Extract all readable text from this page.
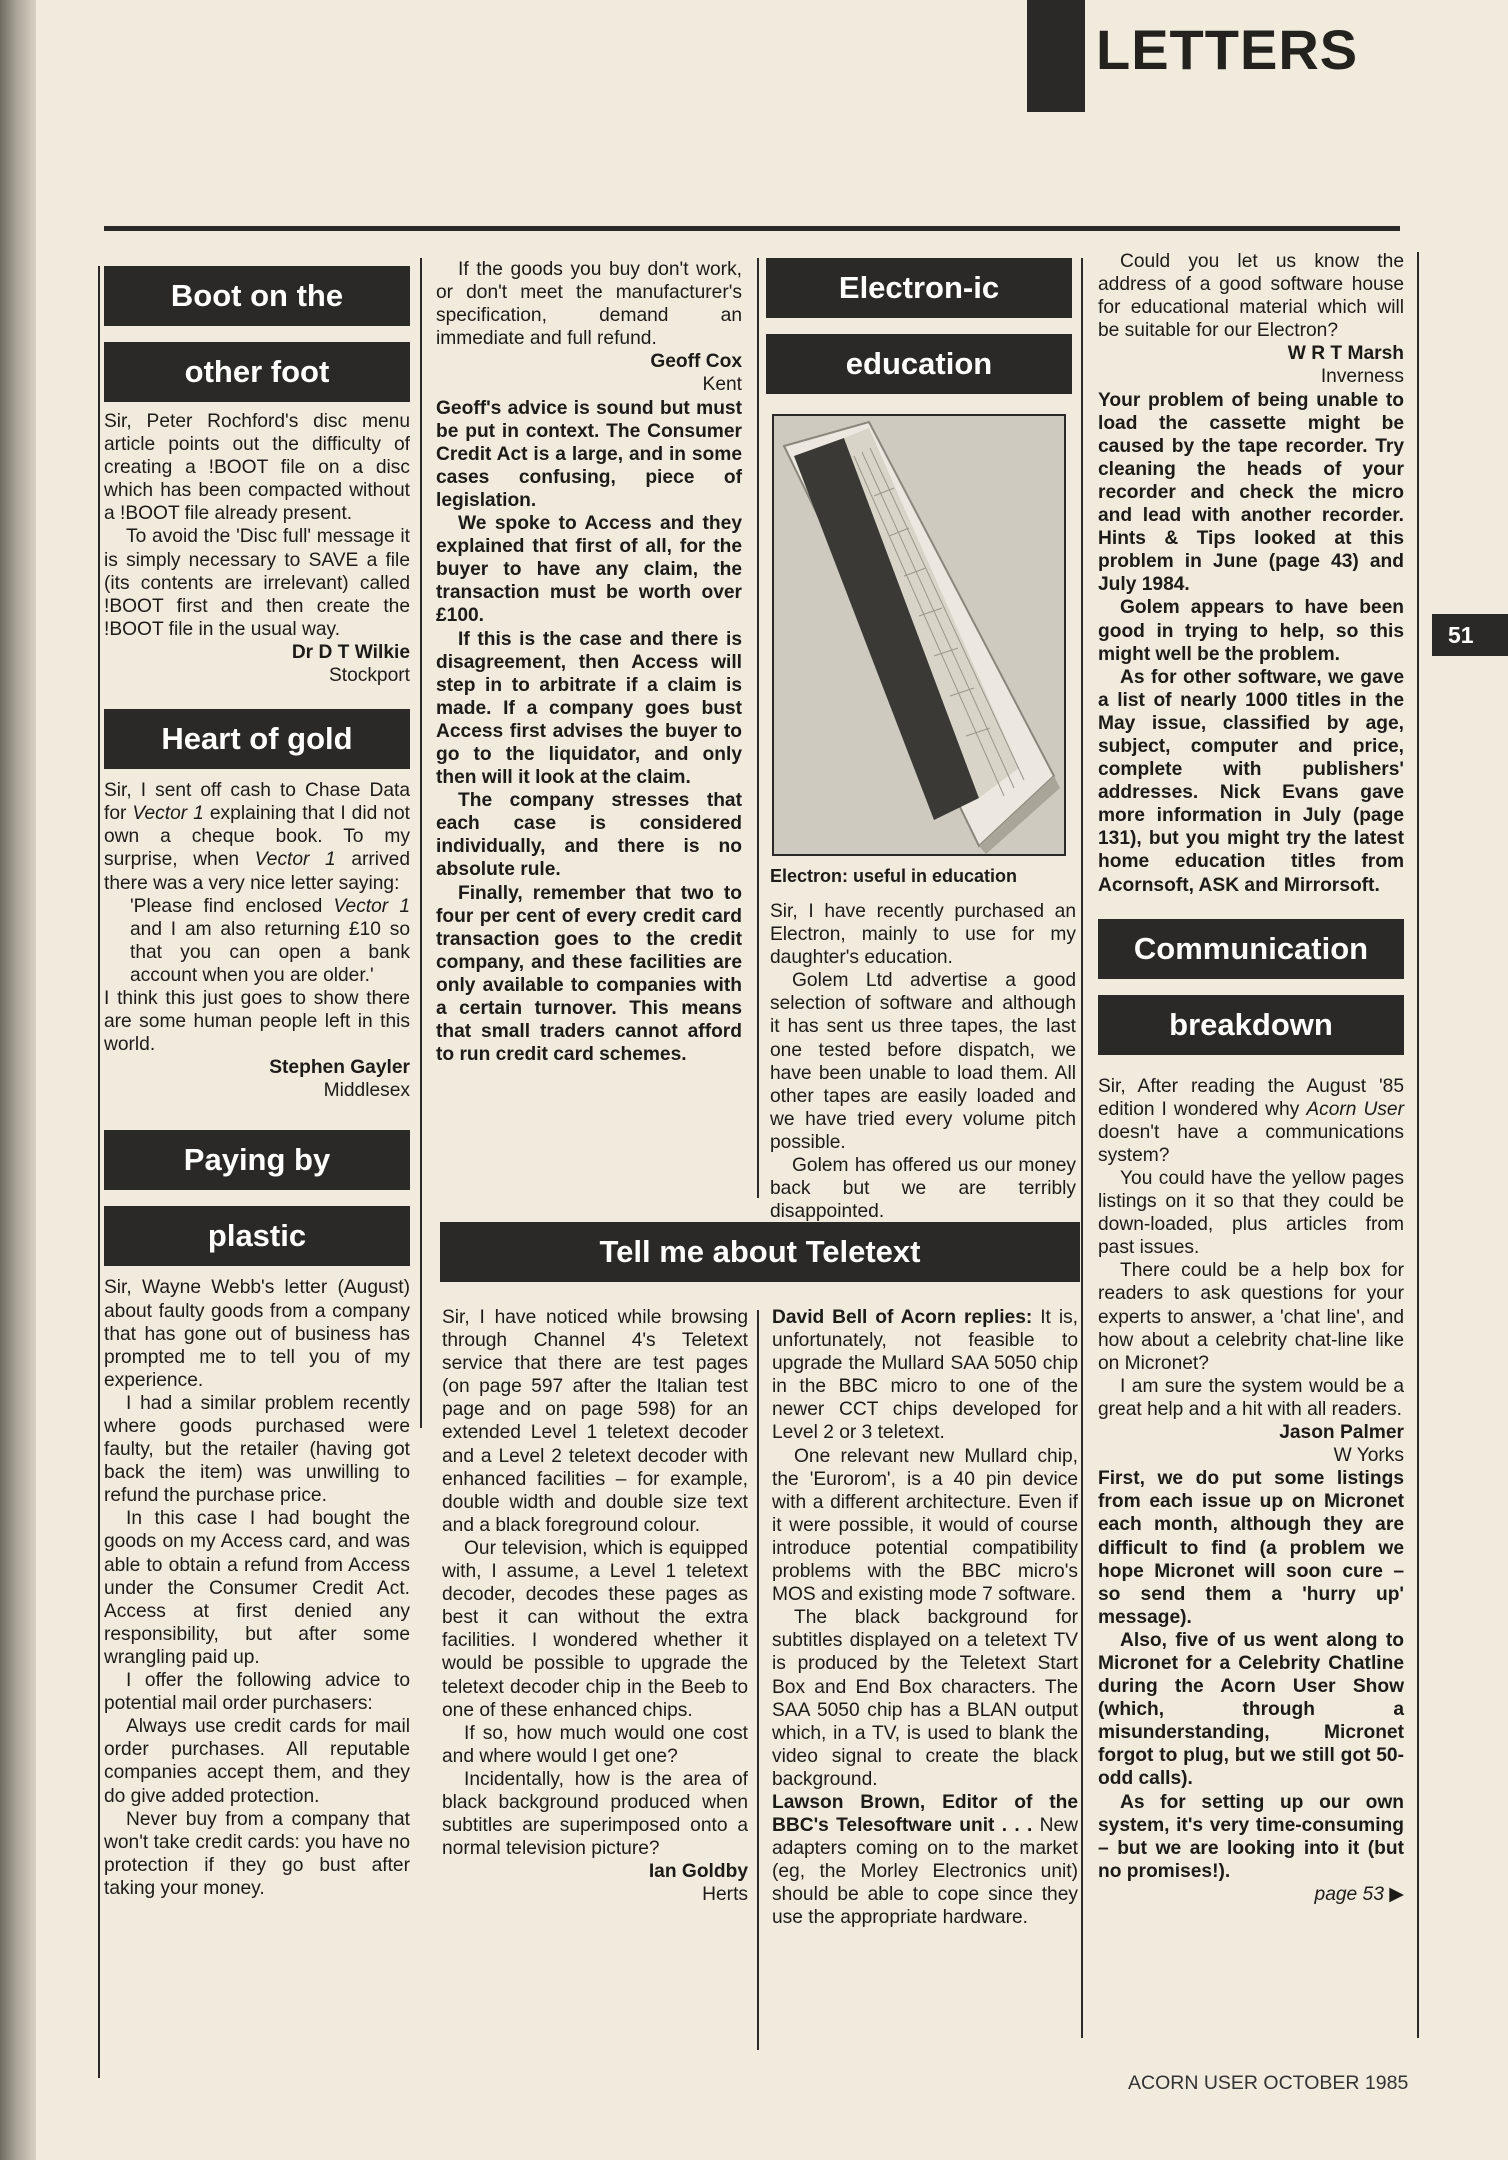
LETTERS
51
Boot on the
other foot

Sir, Peter Rochford's disc menu article points out the difficulty of creating a !BOOT file on a disc which has been compacted without a !BOOT file already present.

To avoid the 'Disc full' message it is simply necessary to SAVE a file (its contents are irrelevant) called !BOOT first and then create the !BOOT file in the usual way.

Dr D T Wilkie

Stockport

Heart of gold

Sir, I sent off cash to Chase Data for Vector 1 explaining that I did not own a cheque book. To my surprise, when Vector 1 arrived there was a very nice letter saying:

'Please find enclosed Vector 1 and I am also returning £10 so that you can open a bank account when you are older.'

I think this just goes to show there are some human people left in this world.

Stephen Gayler

Middlesex

Paying by
plastic

Sir, Wayne Webb's letter (August) about faulty goods from a company that has gone out of business has prompted me to tell you of my experience.

I had a similar problem recently where goods purchased were faulty, but the retailer (having got back the item) was unwilling to refund the purchase price.

In this case I had bought the goods on my Access card, and was able to obtain a refund from Access under the Consumer Credit Act. Access at first denied any responsibility, but after some wrangling paid up.

I offer the following advice to potential mail order purchasers:

Always use credit cards for mail order purchases. All reputable companies accept them, and they do give added protection.

Never buy from a company that won't take credit cards: you have no protection if they go bust after taking your money.

If the goods you buy don't work, or don't meet the manufacturer's specification, demand an immediate and full refund.

Geoff Cox

Kent

Geoff's advice is sound but must be put in context. The Consumer Credit Act is a large, and in some cases confusing, piece of legislation.

We spoke to Access and they explained that first of all, for the buyer to have any claim, the transaction must be worth over £100.

If this is the case and there is disagreement, then Access will step in to arbitrate if a claim is made. If a company goes bust Access first advises the buyer to go to the liquidator, and only then will it look at the claim.

The company stresses that each case is considered individually, and there is no absolute rule.

Finally, remember that two to four per cent of every credit card transaction goes to the credit company, and these facilities are only available to companies with a certain turnover. This means that small traders cannot afford to run credit card schemes.

Electron-ic
education
Electron: useful in education

Sir, I have recently purchased an Electron, mainly to use for my daughter's education.

Golem Ltd advertise a good selection of software and although it has sent us three tapes, the last one tested before dispatch, we have been unable to load them. All other tapes are easily loaded and we have tried every volume pitch possible.

Golem has offered us our money back but we are terribly disappointed.

Could you let us know the address of a good software house for educational material which will be suitable for our Electron?

W R T Marsh

Inverness

Your problem of being unable to load the cassette might be caused by the tape recorder. Try cleaning the heads of your recorder and check the micro and lead with another recorder. Hints & Tips looked at this problem in June (page 43) and July 1984.

Golem appears to have been good in trying to help, so this might well be the problem.

As for other software, we gave a list of nearly 1000 titles in the May issue, classified by age, subject, computer and price, complete with publishers' addresses. Nick Evans gave more information in July (page 131), but you might try the latest home education titles from Acornsoft, ASK and Mirrorsoft.

Communication
breakdown

Sir, After reading the August '85 edition I wondered why Acorn User doesn't have a communications system?

You could have the yellow pages listings on it so that they could be down-loaded, plus articles from past issues.

There could be a help box for readers to ask questions for your experts to answer, a 'chat line', and how about a celebrity chat-line like on Micronet?

I am sure the system would be a great help and a hit with all readers.

Jason Palmer

W Yorks

First, we do put some listings from each issue up on Micronet each month, although they are difficult to find (a problem we hope Micronet will soon cure – so send them a 'hurry up' message).

Also, five of us went along to Micronet for a Celebrity Chatline during the Acorn User Show (which, through a misunderstanding, Micronet forgot to plug, but we still got 50-odd calls).

As for setting up our own system, it's very time-consuming – but we are looking into it (but no promises!).

page 53 ▶

Tell me about Teletext

Sir, I have noticed while browsing through Channel 4's Teletext service that there are test pages (on page 597 after the Italian test page and on page 598) for an extended Level 1 teletext decoder and a Level 2 teletext decoder with enhanced facilities – for example, double width and double size text and a black foreground colour.

Our television, which is equipped with, I assume, a Level 1 teletext decoder, decodes these pages as best it can without the extra facilities. I wondered whether it would be possible to upgrade the teletext decoder chip in the Beeb to one of these enhanced chips.

If so, how much would one cost and where would I get one?

Incidentally, how is the area of black background produced when subtitles are superimposed onto a normal television picture?

Ian Goldby

Herts

David Bell of Acorn replies: It is, unfortunately, not feasible to upgrade the Mullard SAA 5050 chip in the BBC micro to one of the newer CCT chips developed for Level 2 or 3 teletext.

One relevant new Mullard chip, the 'Eurorom', is a 40 pin device with a different architecture. Even if it were possible, it would of course introduce potential compatibility problems with the BBC micro's MOS and existing mode 7 software.

The black background for subtitles displayed on a teletext TV is produced by the Teletext Start Box and End Box characters. The SAA 5050 chip has a BLAN output which, in a TV, is used to blank the video signal to create the black background.

Lawson Brown, Editor of the BBC's Telesoftware unit . . . New adapters coming on to the market (eg, the Morley Electronics unit) should be able to cope since they use the appropriate hardware.

ACORN USER OCTOBER 1985
